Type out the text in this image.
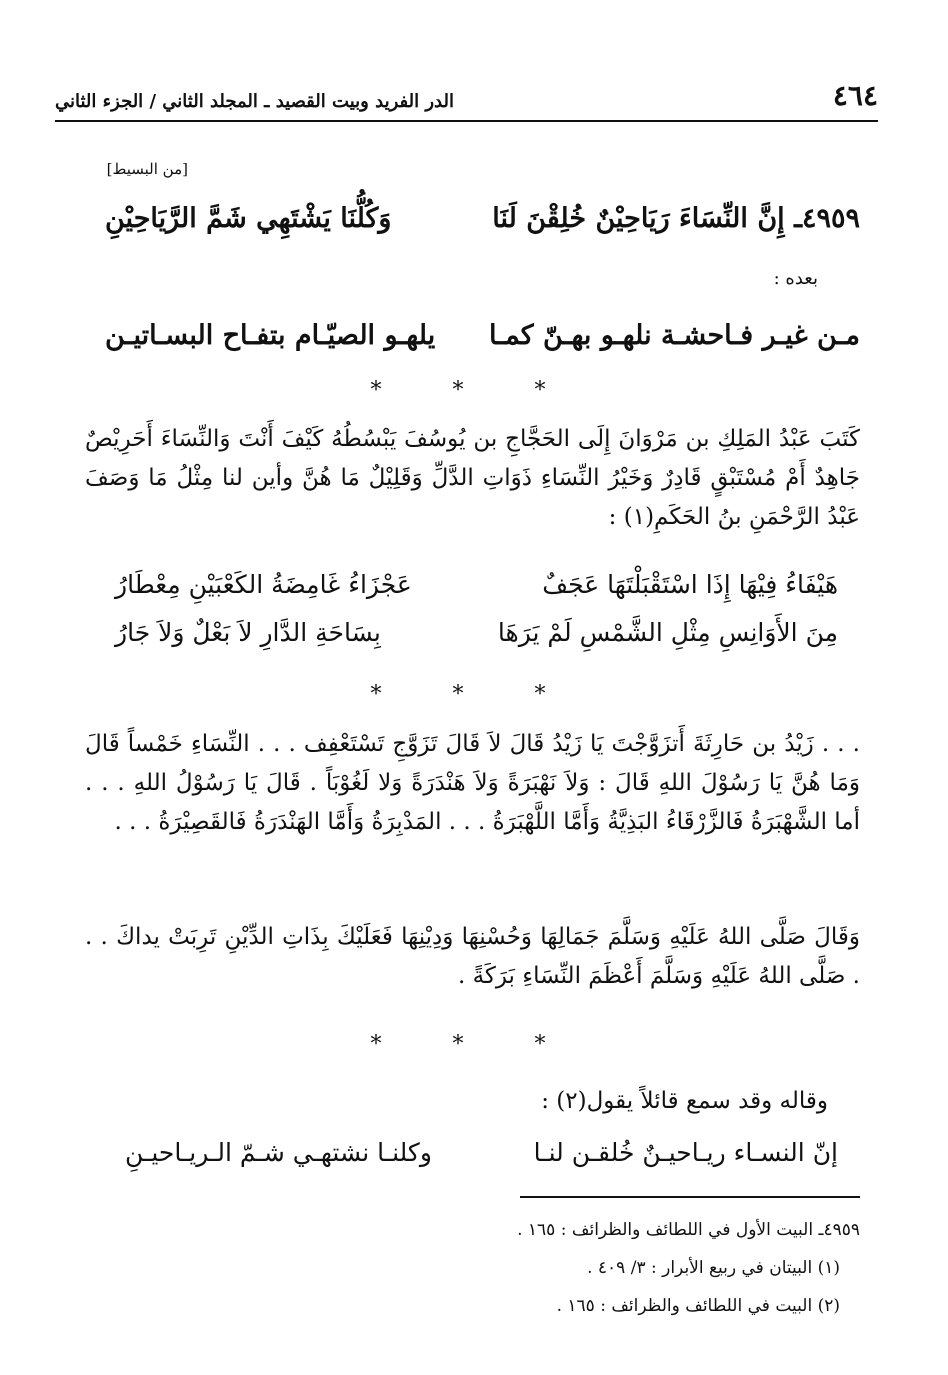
٤٦٤
الدر الفريد وبيت القصيد ـ المجلد الثاني / الجزء الثاني
[من البسيط]
٤٩٥٩ـ إِنَّ النِّسَاءَ رَيَاحِيْنٌ خُلِقْنَ لَنَا
وَكُلُّنَا يَشْتَهِي شَمَّ الرَّيَاحِيْنِ
بعده :
مـن غيـر فـاحشـة نلهـو بهـنّ كمـا
يلهـو الصيّـام بتفـاح البسـاتيـن
* * *
كَتَبَ عَبْدُ المَلِكِ بن مَرْوَانَ إِلَى الحَجَّاجِ بن يُوسُفَ يَبْسُطُهُ كَيْفَ أَنْتَ وَالنِّسَاءَ أَحَرِيْصٌ جَاهِدٌ أَمْ مُسْتَبْقٍ قَادِرٌ وَخَيْرُ النِّسَاءِ ذَوَاتِ الدَّلِّ وَقَلِيْلٌ مَا هُنَّ وأين لنا مِثْلُ مَا وَصَفَ عَبْدُ الرَّحْمَنِ بنُ الحَكَمِ(١) :
هَيْفَاءُ فِيْهَا إِذَا اسْتَقْبَلْتَهَا عَجَفٌ
عَجْزَاءُ غَامِضَةُ الكَعْبَيْنِ مِعْطَارُ
مِنَ الأَوَانِسِ مِثْلِ الشَّمْسِ لَمْ يَرَهَا
بِسَاحَةِ الدَّارِ لاَ بَعْلٌ وَلاَ جَارُ
* * *
. . . زَيْدُ بن حَارِثَةَ أَتزَوَّجْتَ يَا زَيْدُ قَالَ لاَ قَالَ تَزَوَّجِ تَسْتَعْفِف . . . النِّسَاءِ خَمْساً قَالَ وَمَا هُنَّ يَا رَسُوْلَ اللهِ قَالَ : وَلاَ نَهْبَرَةً وَلاَ هَنْدَرَةً وَلا لَغُوْبَاً . قَالَ يَا رَسُوْلُ اللهِ . . . أما الشَّهْبَرَةُ فَالزَّرْقَاءُ البَذِيَّةُ وَأَمَّا اللَّهْبَرَةُ . . . المَدْبِرَةُ وَأَمَّا الهَنْدَرَةُ فَالقَصِيْرَةُ . . .
وَقَالَ صَلَّى اللهُ عَلَيْهِ وَسَلَّمَ جَمَالِهَا وَحُسْنِهَا وَدِيْنِهَا فَعَلَيْكَ بِذَاتِ الدِّيْنِ تَرِبَتْ يداكَ . . . صَلَّى اللهُ عَلَيْهِ وَسَلَّمَ أَعْظَمَ النِّسَاءِ بَرَكَةً .
* * *
وقاله وقد سمع قائلاً يقول(٢) :
إنّ النسـاء ريـاحيـنٌ خُلقـن لنـا
وكلنـا نشتهـي شـمّ الـريـاحيـنِ
٤٩٥٩ـ البيت الأول في اللطائف والظرائف : ١٦٥ .
(١) البيتان في ربيع الأبرار : ٣/ ٤٠٩ .
(٢) البيت في اللطائف والظرائف : ١٦٥ .
